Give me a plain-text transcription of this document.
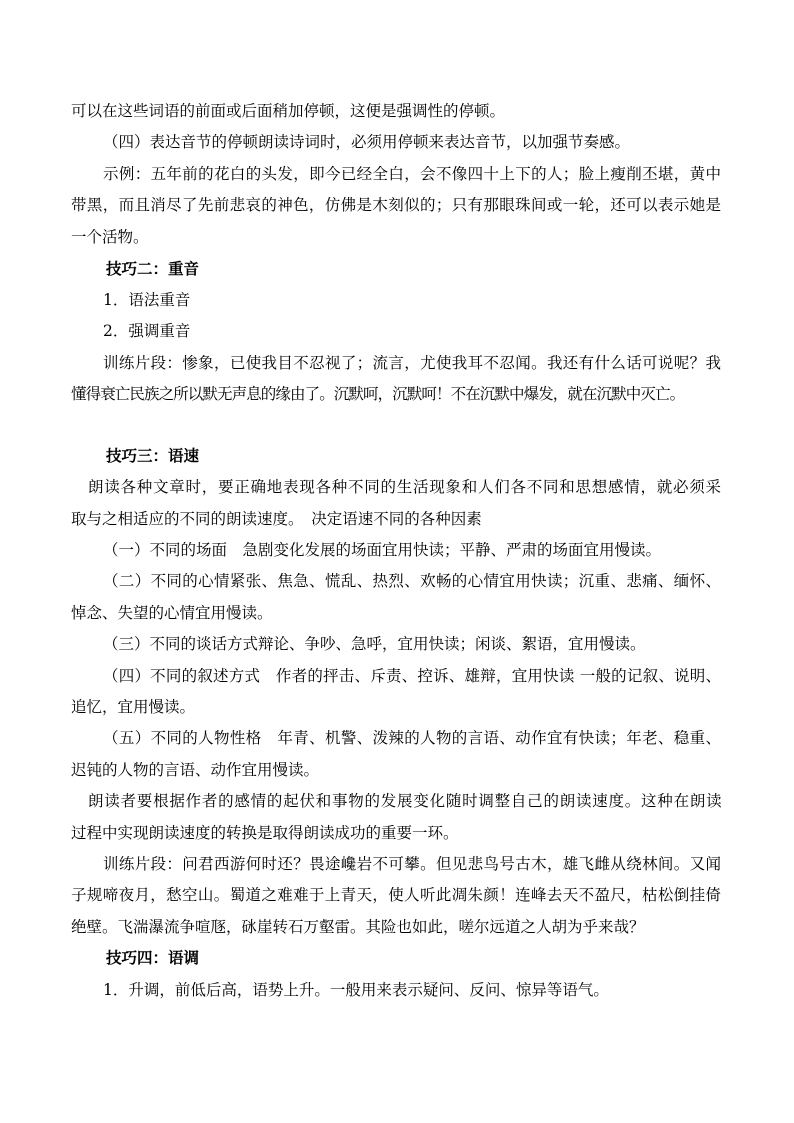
可以在这些词语的前面或后面稍加停顿，这便是强调性的停顿。
（四）表达音节的停顿朗读诗词时，必须用停顿来表达音节，以加强节奏感。
示例：五年前的花白的头发，即今已经全白，会不像四十上下的人；脸上瘦削丕堪，黄中
带黑，而且消尽了先前悲哀的神色，仿佛是木刻似的；只有那眼珠间或一轮，还可以表示她是
一个活物。
技巧二：重音
1．语法重音
2．强调重音
训练片段：惨象，已使我目不忍视了；流言，尤使我耳不忍闻。我还有什么话可说呢？我
懂得衰亡民族之所以默无声息的缘由了。沉默呵，沉默呵！不在沉默中爆发，就在沉默中灭亡。
技巧三：语速
朗读各种文章时，要正确地表现各种不同的生活现象和人们各不同和思想感情，就必须采
取与之相适应的不同的朗读速度。　决定语速不同的各种因素
（一）不同的场面　急剧变化发展的场面宜用快读；平静、严肃的场面宜用慢读。
（二）不同的心情紧张、焦急、慌乱、热烈、欢畅的心情宜用快读；沉重、悲痛、缅怀、
悼念、失望的心情宜用慢读。
（三）不同的谈话方式辩论、争吵、急呼，宜用快读；闲谈、絮语，宜用慢读。
（四）不同的叙述方式　作者的抨击、斥责、控诉、雄辩，宜用快读 一般的记叙、说明、
追忆，宜用慢读。
（五）不同的人物性格　年青、机警、泼辣的人物的言语、动作宜有快读；年老、稳重、
迟钝的人物的言语、动作宜用慢读。
朗读者要根据作者的感情的起伏和事物的发展变化随时调整自己的朗读速度。这种在朗读
过程中实现朗读速度的转换是取得朗读成功的重要一环。
训练片段：问君西游何时还？畏途巉岩不可攀。但见悲鸟号古木，雄飞雌从绕林间。又闻
子规啼夜月，愁空山。蜀道之难难于上青天，使人听此凋朱颜！连峰去天不盈尺，枯松倒挂倚
绝壁。飞湍瀑流争喧豗，砯崖转石万壑雷。其险也如此，嗟尔远道之人胡为乎来哉？
技巧四：语调
1．升调，前低后高，语势上升。一般用来表示疑问、反问、惊异等语气。
